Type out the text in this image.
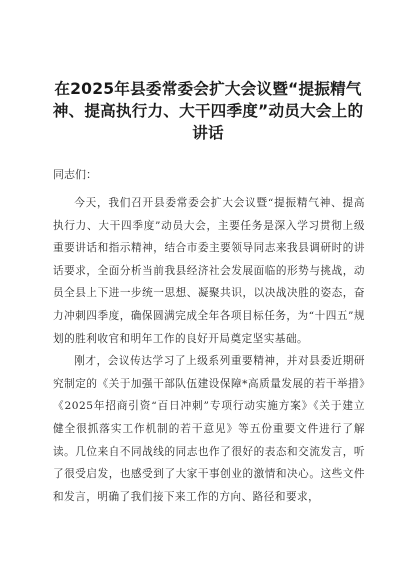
在2025年县委常委会扩大会议暨“提振精气神、提高执行力、大干四季度”动员大会上的讲话
同志们：

今天，我们召开县委常委会扩大会议暨“提振精气神、提高执行力、大干四季度”动员大会，主要任务是深入学习贯彻上级重要讲话和指示精神，结合市委主要领导同志来我县调研时的讲话要求，全面分析当前我县经济社会发展面临的形势与挑战，动员全县上下进一步统一思想、凝聚共识，以决战决胜的姿态，奋力冲刺四季度，确保圆满完成全年各项目标任务，为“十四五”规划的胜利收官和明年工作的良好开局奠定坚实基础。

刚才，会议传达学习了上级系列重要精神，并对县委近期研究制定的《关于加强干部队伍建设保障*高质量发展的若干举措》《2025年招商引资“百日冲刺”专项行动实施方案》《关于建立健全很抓落实工作机制的若干意见》等五份重要文件进行了解读。几位来自不同战线的同志也作了很好的表态和交流发言，听了很受启发，也感受到了大家干事创业的激情和决心。这些文件和发言，明确了我们接下来工作的方向、路径和要求，
